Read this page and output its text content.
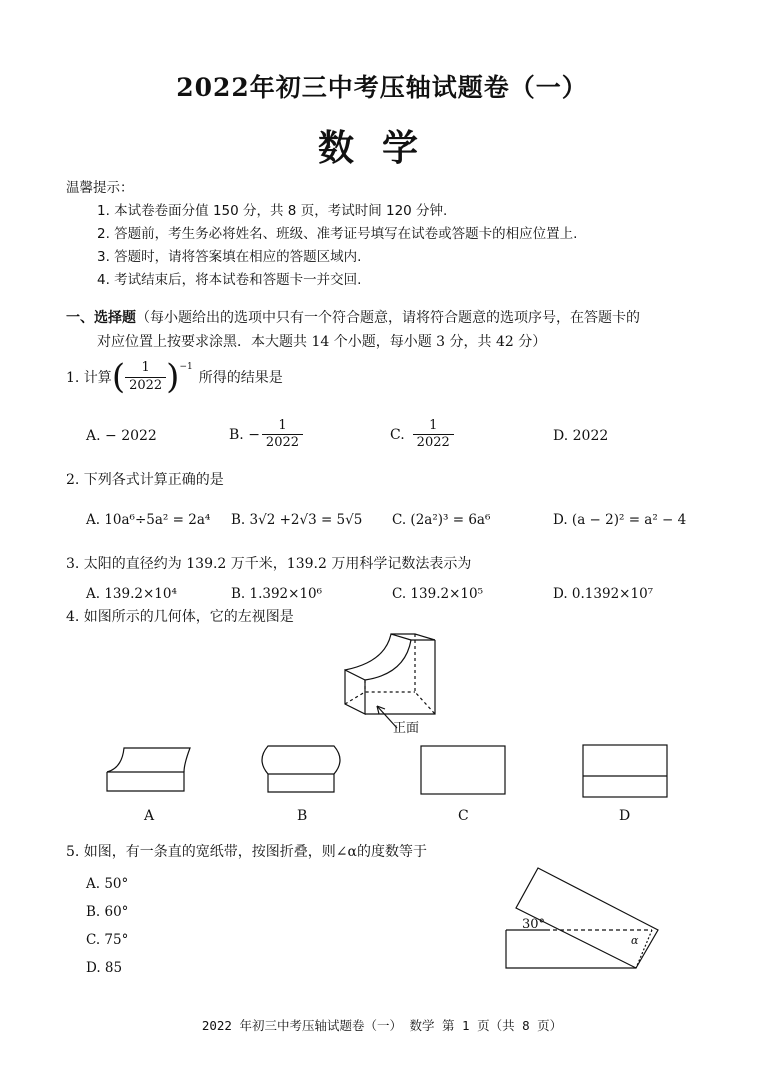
2022年初三中考压轴试题卷（一）
数学
温馨提示：
1. 本试卷卷面分值 150 分，共 8 页，考试时间 120 分钟.
2. 答题前，考生务必将姓名、班级、准考证号填写在试卷或答题卡的相应位置上.
3. 答题时，请将答案填在相应的答题区域内.
4. 考试结束后，将本试卷和答题卡一并交回.
一、选择题（每小题给出的选项中只有一个符合题意，请将符合题意的选项序号，在答题卡的
对应位置上按要求涂黑．本大题共 14 个小题，每小题 3 分，共 42 分）
1. 计算 ( $\frac{1}{2022} )^{-1}$
所得的结果是
A. − 2022	B. − $\frac{1}{2022}$	C. $\frac{1}{2022}$	D. 2022
2. 下列各式计算正确的是
A. 10a⁶÷5a² = 2a⁴ B. 3√2 +2√3 = 5√5 C. (2a²)³ = 6a⁶	D. (a − 2)² = a² − 4
3. 太阳的直径约为 139.2 万千米，139.2 万用科学记数法表示为
A. 139.2×10⁴	B. 1.392×10⁶	C. 139.2×10⁵	D. 0.1392×10⁷
4. 如图所示的几何体，它的左视图是
正面
A	B	C	D
5. 如图，有一条直的宽纸带，按图折叠，则∠α的度数等于
A. 50°
B. 60°
C. 75°
D. 85
30°
α
2022 年初三中考压轴试题卷（一） 数学 第 1 页（共 8 页）
